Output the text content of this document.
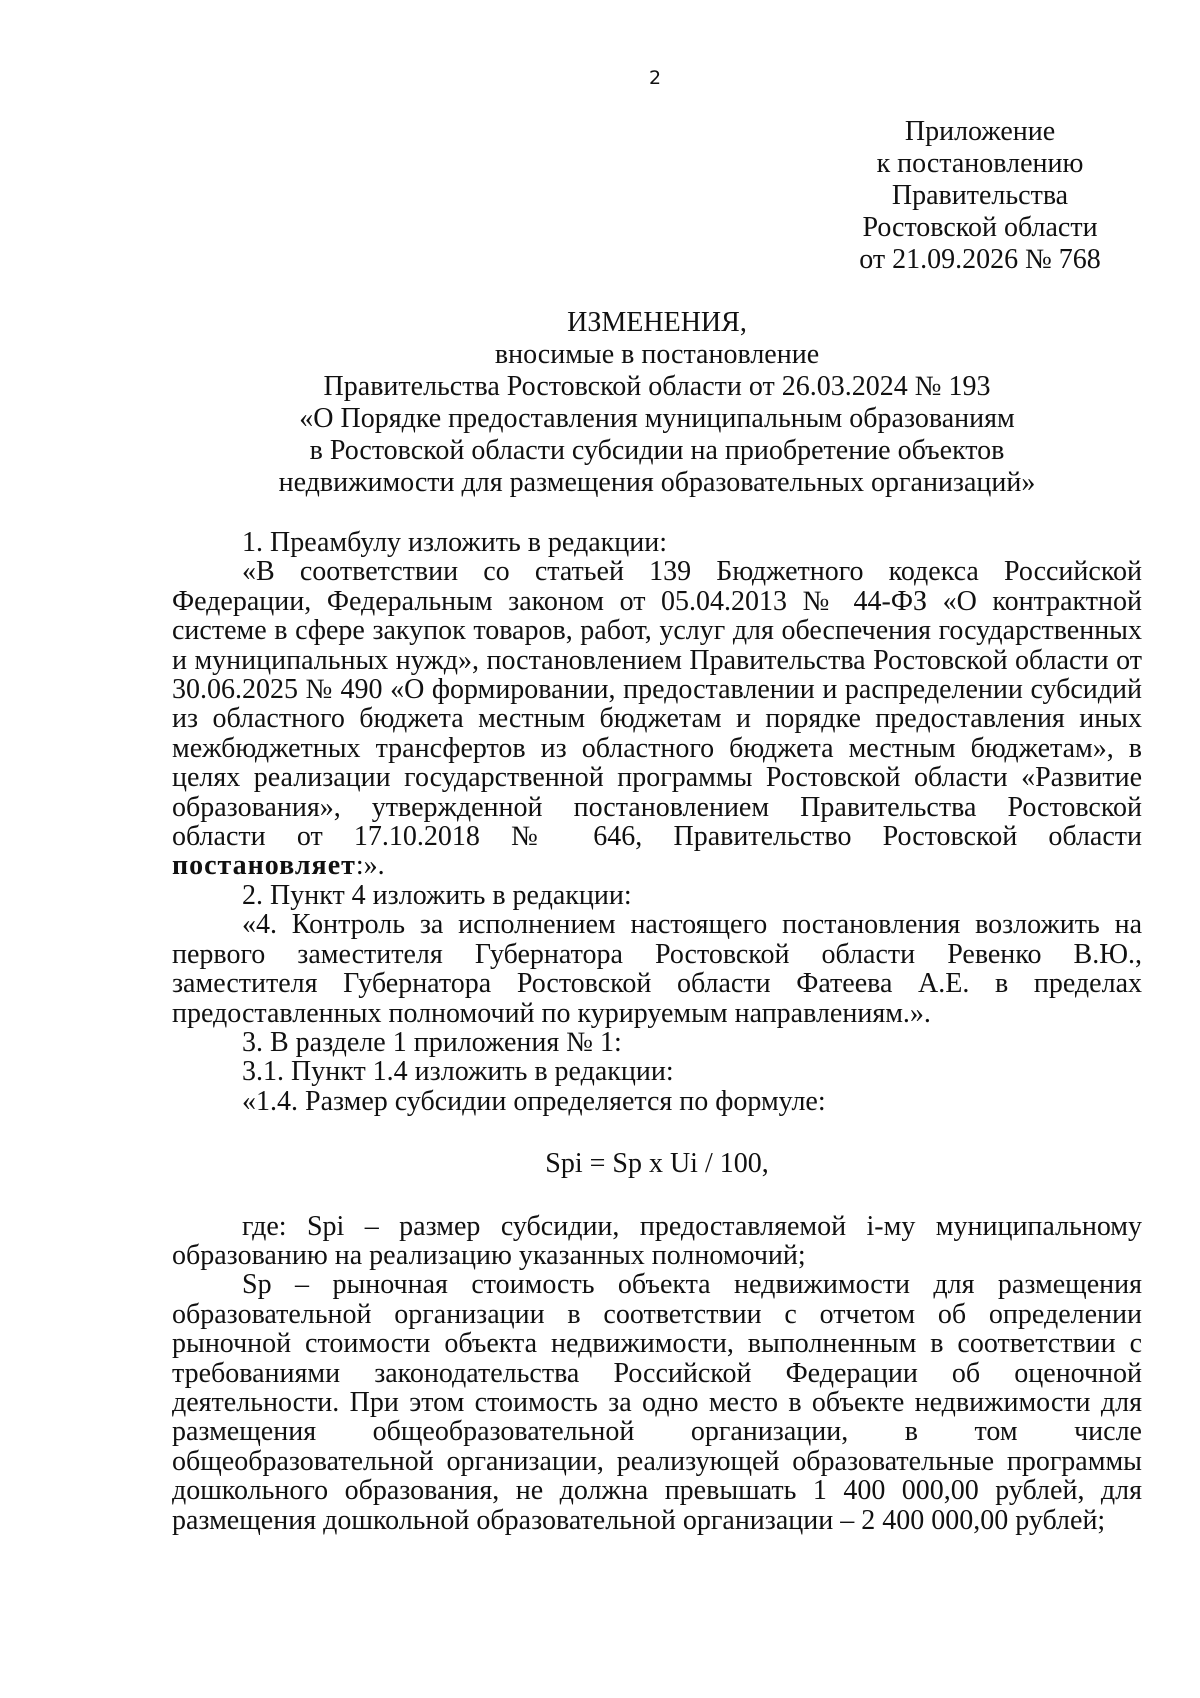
2
Приложение
к постановлению
Правительства
Ростовской области
от 21.09.2026 № 768
ИЗМЕНЕНИЯ,
вносимые в постановление
Правительства Ростовской области от 26.03.2024 № 193
«О Порядке предоставления муниципальным образованиям
в Ростовской области субсидии на приобретение объектов
недвижимости для размещения образовательных организаций»

1. Преамбулу изложить в редакции:

«В соответствии со статьей 139 Бюджетного кодекса Российской Федерации, Федеральным законом от 05.04.2013 № 44-ФЗ «О контрактной системе в сфере закупок товаров, работ, услуг для обеспечения государственных и муниципальных нужд», постановлением Правительства Ростовской области от 30.06.2025 № 490 «О формировании, предоставлении и распределении субсидий из областного бюджета местным бюджетам и порядке предоставления иных межбюджетных трансфертов из областного бюджета местным бюджетам», в целях реализации государственной программы Ростовской области «Развитие образования», утвержденной постановлением Правительства Ростовской области от 17.10.2018 № 646, Правительство Ростовской области постановляет:».

2. Пункт 4 изложить в редакции:

«4. Контроль за исполнением настоящего постановления возложить на первого заместителя Губернатора Ростовской области Ревенко В.Ю., заместителя Губернатора Ростовской области Фатеева А.Е. в пределах предоставленных полномочий по курируемым направлениям.».

3. В разделе 1 приложения № 1:

3.1. Пункт 1.4 изложить в редакции:

«1.4. Размер субсидии определяется по формуле:

Spi = Sp x Ui / 100,

где: Spi – размер субсидии, предоставляемой i-му муниципальному образованию на реализацию указанных полномочий;

Sp – рыночная стоимость объекта недвижимости для размещения образовательной организации в соответствии с отчетом об определении рыночной стоимости объекта недвижимости, выполненным в соответствии с требованиями законодательства Российской Федерации об оценочной деятельности. При этом стоимость за одно место в объекте недвижимости для размещения общеобразовательной организации, в том числе общеобразовательной организации, реализующей образовательные программы дошкольного образования, не должна превышать 1 400 000,00 рублей, для размещения дошкольной образовательной организации – 2 400 000,00 рублей;
